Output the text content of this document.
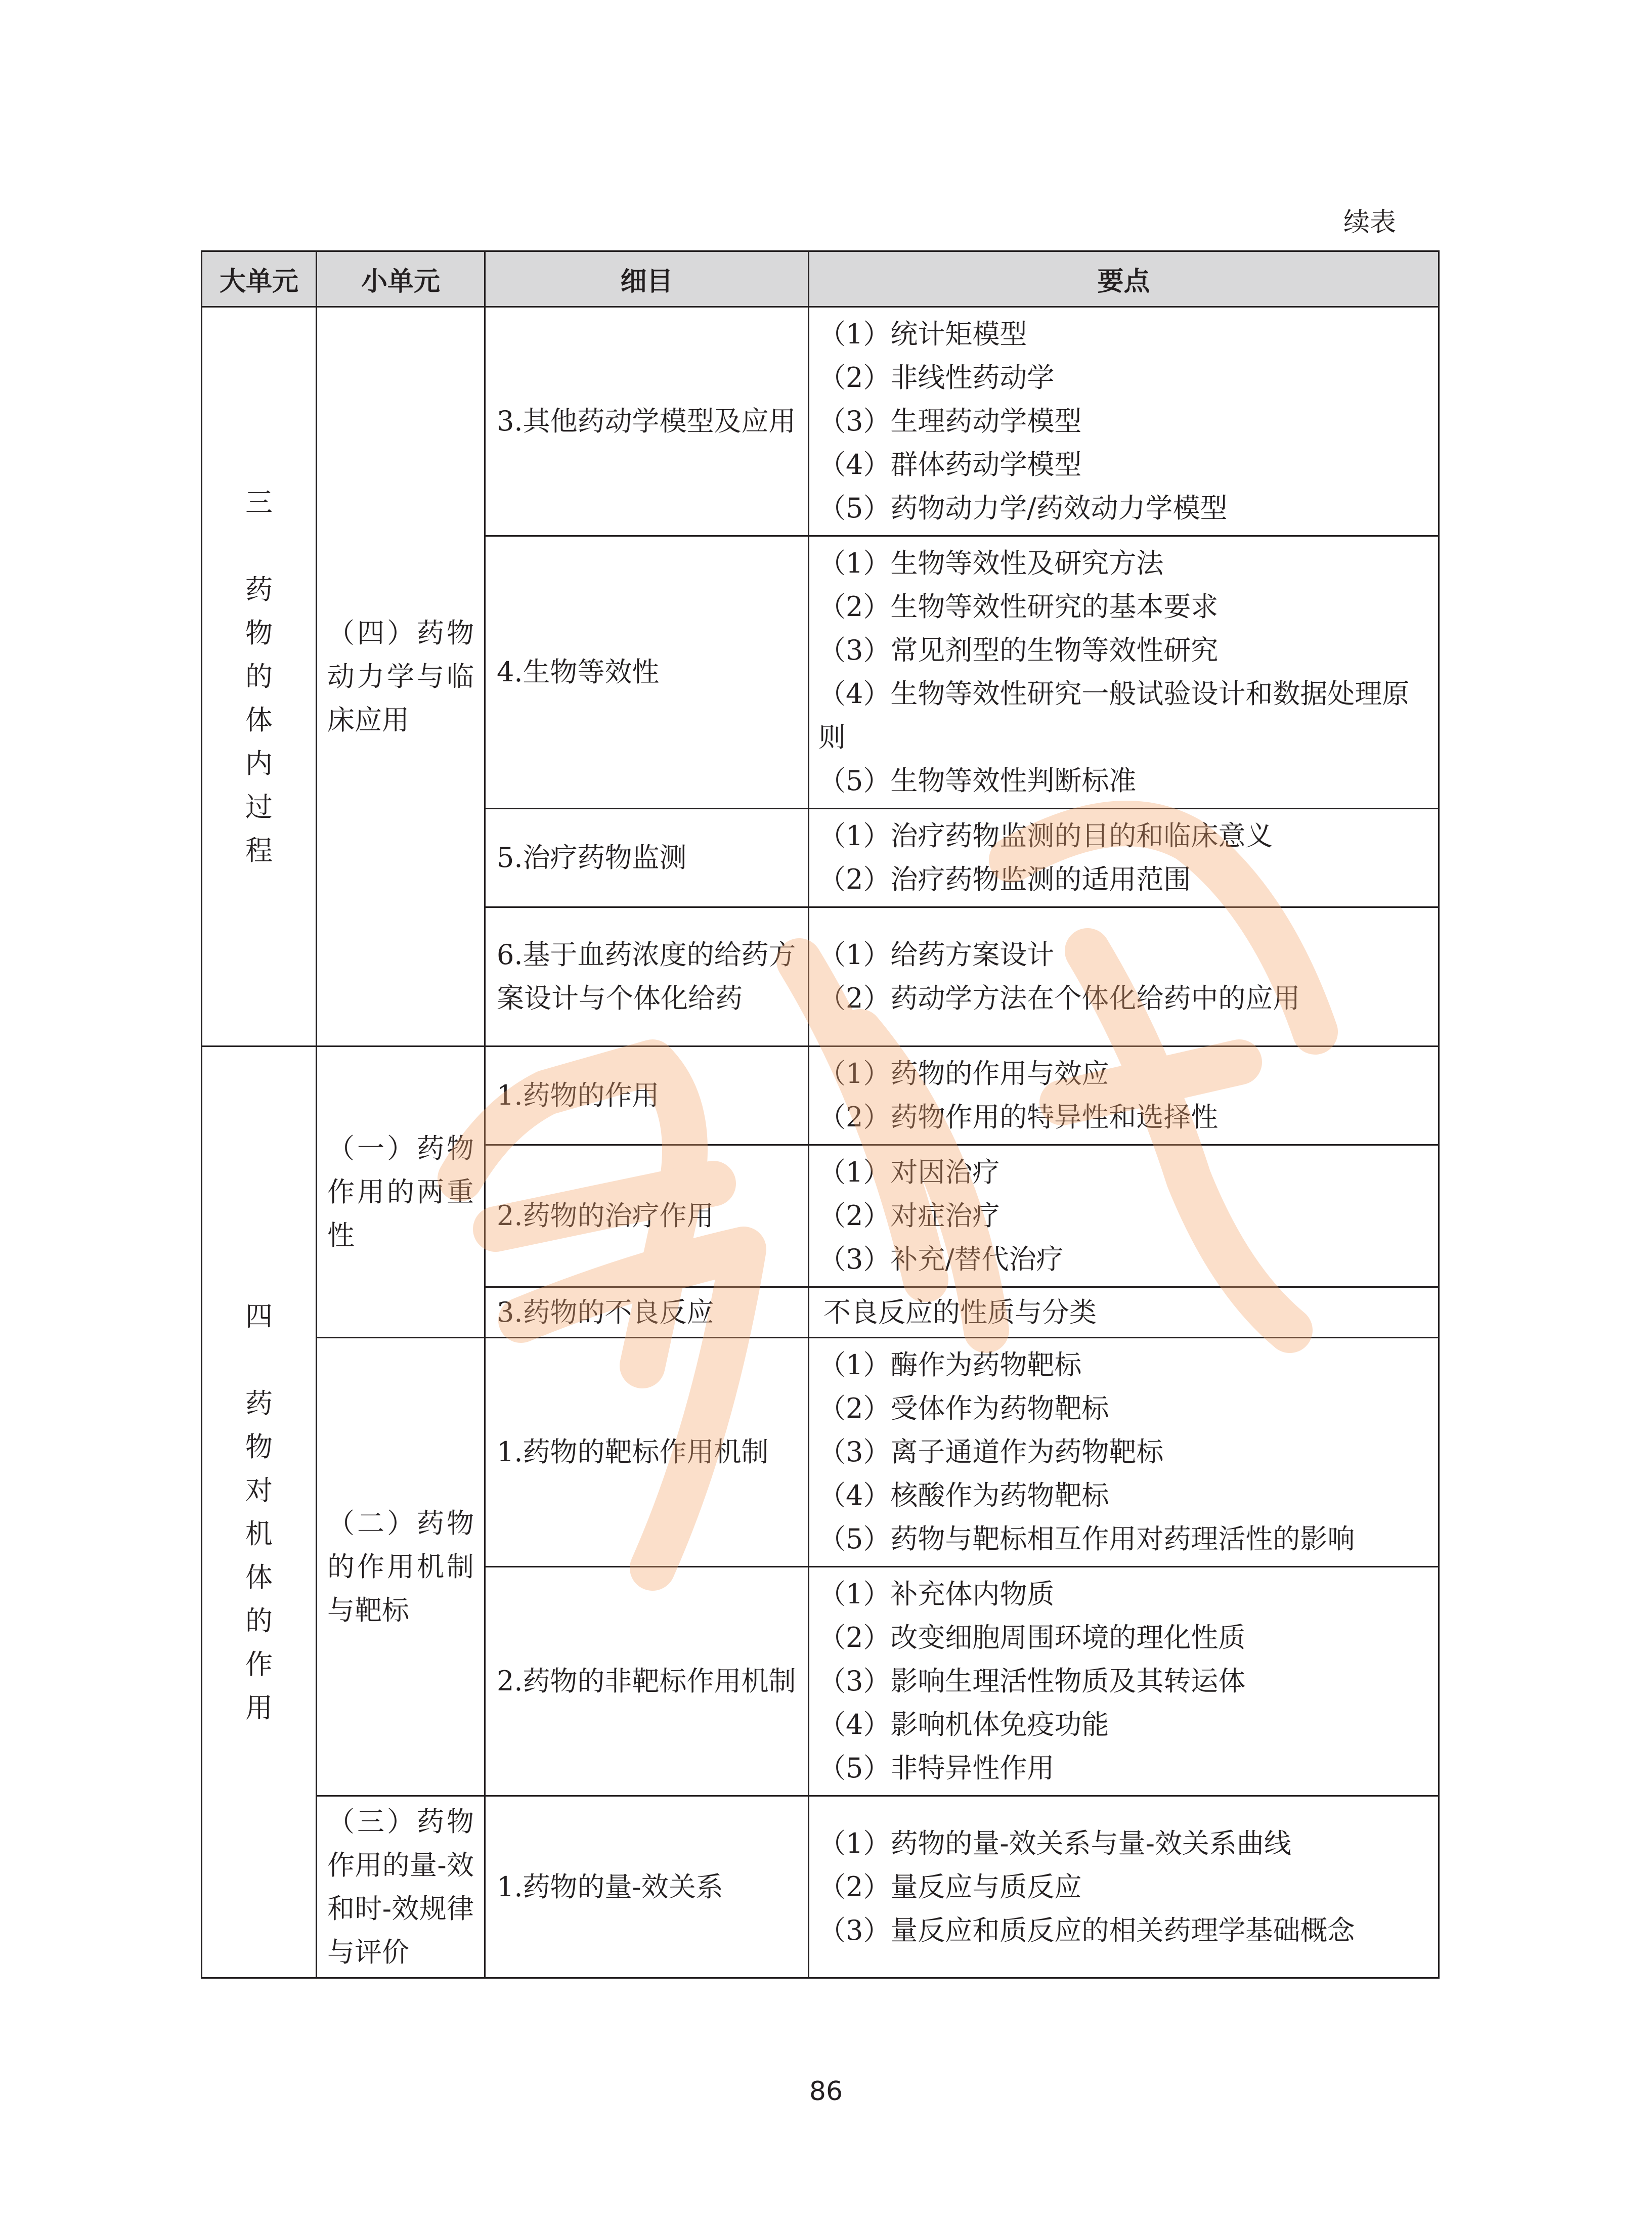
续表
大单元	小单元	细目	要点

三
药物的体内过程	（四）药物动力学与临床应用	3.其他药动学模型及应用	（1）统计矩模型
（2）非线性药动学
（3）生理药动学模型
（4）群体药动学模型
（5）药物动力学/药效动力学模型

		4.生物等效性	（1）生物等效性及研究方法
（2）生物等效性研究的基本要求
（3）常见剂型的生物等效性研究
（4）生物等效性研究一般试验设计和数据处理原则
（5）生物等效性判断标准

		5.治疗药物监测	（1）治疗药物监测的目的和临床意义
（2）治疗药物监测的适用范围

		6.基于血药浓度的给药方案设计与个体化给药	（1）给药方案设计
（2）药动学方法在个体化给药中的应用

四
药物对机体的作用	（一）药物作用的两重性	1.药物的作用	（1）药物的作用与效应
（2）药物作用的特异性和选择性

		2.药物的治疗作用	（1）对因治疗
（2）对症治疗
（3）补充/替代治疗

		3.药物的不良反应	不良反应的性质与分类
	（二）药物的作用机制与靶标	1.药物的靶标作用机制	（1）酶作为药物靶标
（2）受体作为药物靶标
（3）离子通道作为药物靶标
（4）核酸作为药物靶标
（5）药物与靶标相互作用对药理活性的影响

		2.药物的非靶标作用机制	（1）补充体内物质
（2）改变细胞周围环境的理化性质
（3）影响生理活性物质及其转运体
（4）影响机体免疫功能
（5）非特异性作用

	（三）药物作用的量-效和时-效规律与评价	1.药物的量-效关系	（1）药物的量-效关系与量-效关系曲线
（2）量反应与质反应
（3）量反应和质反应的相关药理学基础概念
86
